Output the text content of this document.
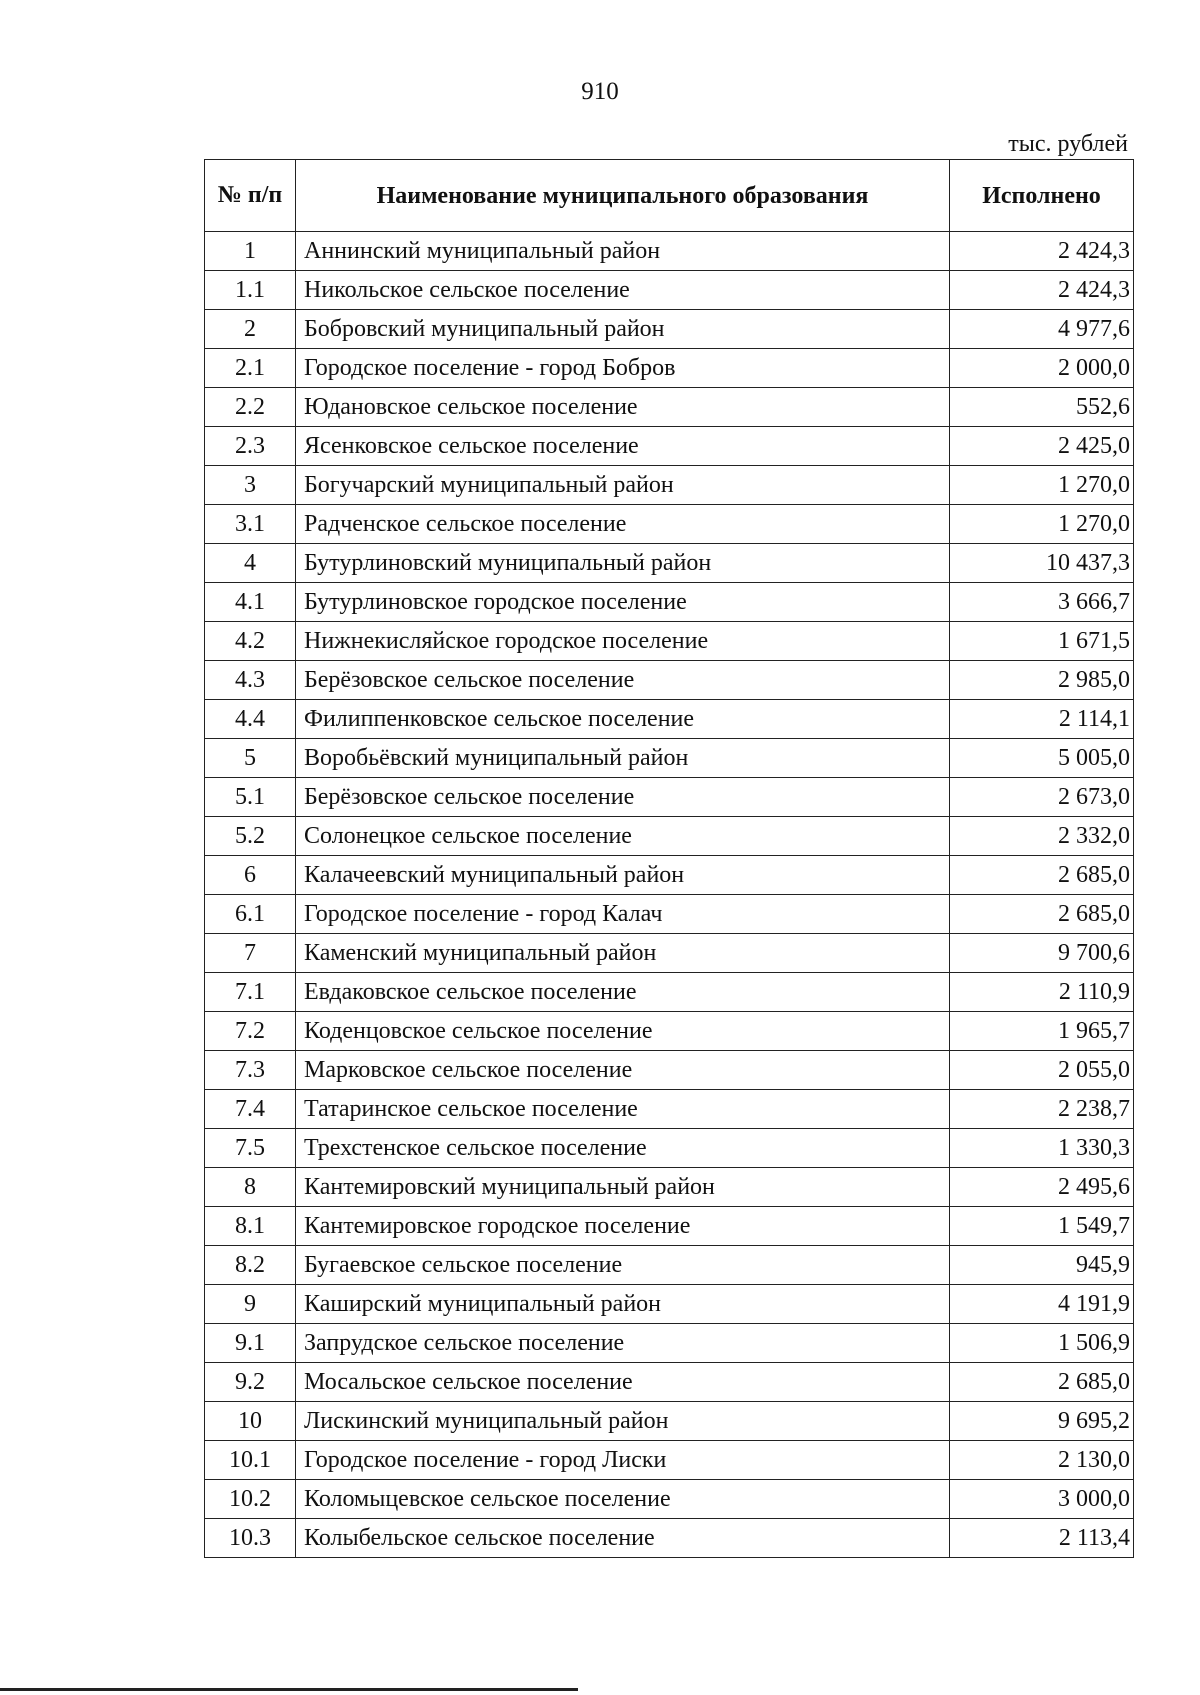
910
тыс. рублей
№ п/п	Наименование муниципального образования	Исполнено
1	Аннинский муниципальный район	2 424,3
1.1	Никольское сельское поселение	2 424,3
2	Бобровский муниципальный район	4 977,6
2.1	Городское поселение - город Бобров	2 000,0
2.2	Юдановское сельское поселение	552,6
2.3	Ясенковское сельское поселение	2 425,0
3	Богучарский муниципальный район	1 270,0
3.1	Радченское сельское поселение	1 270,0
4	Бутурлиновский муниципальный район	10 437,3
4.1	Бутурлиновское городское поселение	3 666,7
4.2	Нижнекисляйское городское поселение	1 671,5
4.3	Берёзовское сельское поселение	2 985,0
4.4	Филиппенковское сельское поселение	2 114,1
5	Воробьёвский муниципальный район	5 005,0
5.1	Берёзовское сельское поселение	2 673,0
5.2	Солонецкое сельское поселение	2 332,0
6	Калачеевский муниципальный район	2 685,0
6.1	Городское поселение - город Калач	2 685,0
7	Каменский муниципальный район	9 700,6
7.1	Евдаковское сельское поселение	2 110,9
7.2	Коденцовское сельское поселение	1 965,7
7.3	Марковское сельское поселение	2 055,0
7.4	Татаринское сельское поселение	2 238,7
7.5	Трехстенское сельское поселение	1 330,3
8	Кантемировский муниципальный район	2 495,6
8.1	Кантемировское городское поселение	1 549,7
8.2	Бугаевское сельское поселение	945,9
9	Каширский муниципальный район	4 191,9
9.1	Запрудское сельское поселение	1 506,9
9.2	Мосальское сельское поселение	2 685,0
10	Лискинский муниципальный район	9 695,2
10.1	Городское поселение - город Лиски	2 130,0
10.2	Коломыцевское сельское поселение	3 000,0
10.3	Колыбельское сельское поселение	2 113,4
